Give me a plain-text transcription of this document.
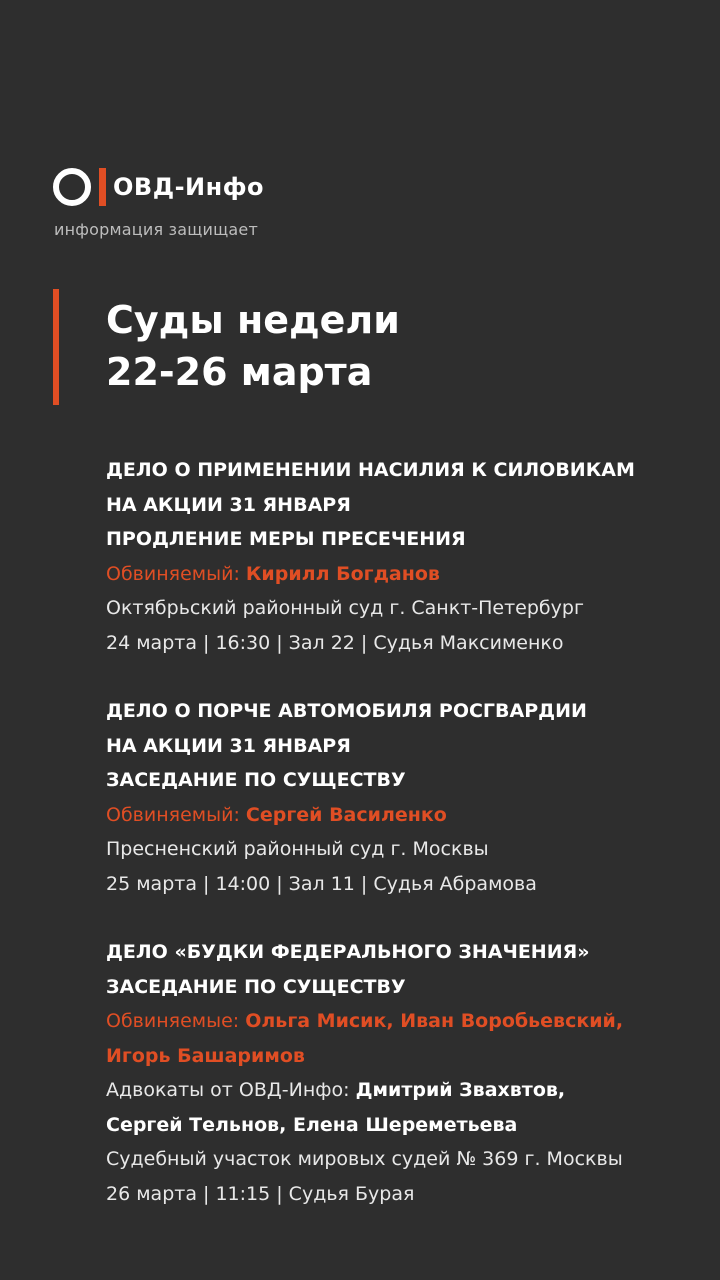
ОВД-Инфо
информация защищает
Суды недели
22-26 марта
ДЕЛО О ПРИМЕНЕНИИ НАСИЛИЯ К СИЛОВИКАМ
НА АКЦИИ 31 ЯНВАРЯ
ПРОДЛЕНИЕ МЕРЫ ПРЕСЕЧЕНИЯ
Обвиняемый: Кирилл Богданов
Октябрьский районный суд г. Санкт-Петербург
24 марта | 16:30 | Зал 22 | Судья Максименко
ДЕЛО О ПОРЧЕ АВТОМОБИЛЯ РОСГВАРДИИ
НА АКЦИИ 31 ЯНВАРЯ
ЗАСЕДАНИЕ ПО СУЩЕСТВУ
Обвиняемый: Сергей Василенко
Пресненский районный суд г. Москвы
25 марта | 14:00 | Зал 11 | Судья Абрамова
ДЕЛО «БУДКИ ФЕДЕРАЛЬНОГО ЗНАЧЕНИЯ»
ЗАСЕДАНИЕ ПО СУЩЕСТВУ
Обвиняемые: Ольга Мисик, Иван Воробьевский,
Игорь Башаримов
Адвокаты от ОВД-Инфо: Дмитрий Звахвтов,
Сергей Тельнов, Елена Шереметьева
Судебный участок мировых судей № 369 г. Москвы
26 марта | 11:15 | Судья Бурая
